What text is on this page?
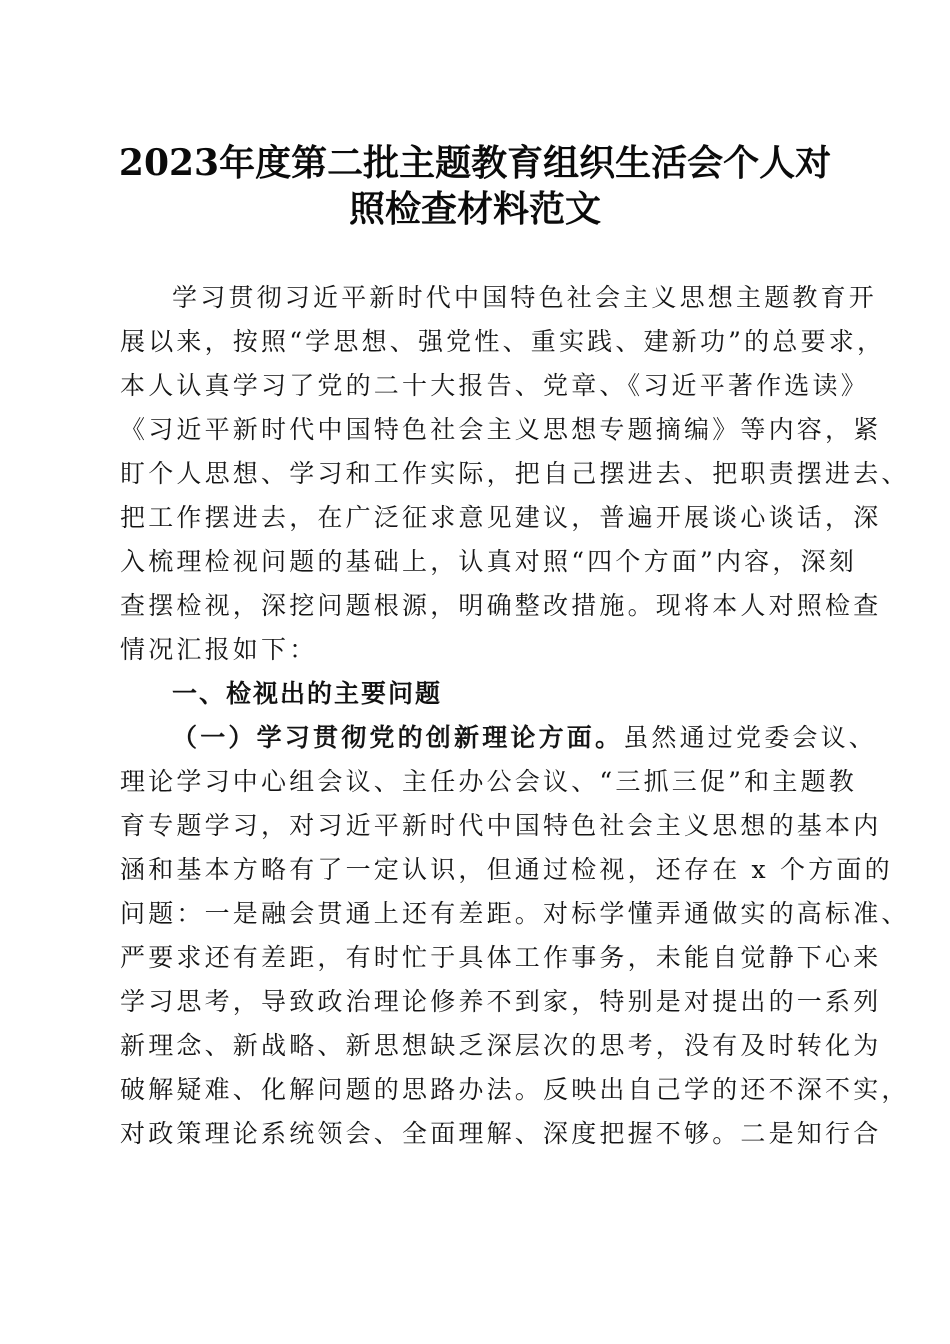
2023年度第二批主题教育组织生活会个人对
照检查材料范文
学习贯彻习近平新时代中国特色社会主义思想主题教育开
展以来，按照“学思想、强党性、重实践、建新功”的总要求，
本人认真学习了党的二十大报告、党章、《习近平著作选读》
《习近平新时代中国特色社会主义思想专题摘编》等内容，紧
盯个人思想、学习和工作实际，把自己摆进去、把职责摆进去、
把工作摆进去，在广泛征求意见建议，普遍开展谈心谈话，深
入梳理检视问题的基础上，认真对照“四个方面”内容，深刻
查摆检视，深挖问题根源，明确整改措施。现将本人对照检查
情况汇报如下：
一、检视出的主要问题
（一）学习贯彻党的创新理论方面。虽然通过党委会议、
理论学习中心组会议、主任办公会议、“三抓三促”和主题教
育专题学习，对习近平新时代中国特色社会主义思想的基本内
涵和基本方略有了一定认识，但通过检视，还存在 x 个方面的
问题：一是融会贯通上还有差距。对标学懂弄通做实的高标准、
严要求还有差距，有时忙于具体工作事务，未能自觉静下心来
学习思考，导致政治理论修养不到家，特别是对提出的一系列
新理念、新战略、新思想缺乏深层次的思考，没有及时转化为
破解疑难、化解问题的思路办法。反映出自己学的还不深不实，
对政策理论系统领会、全面理解、深度把握不够。二是知行合
